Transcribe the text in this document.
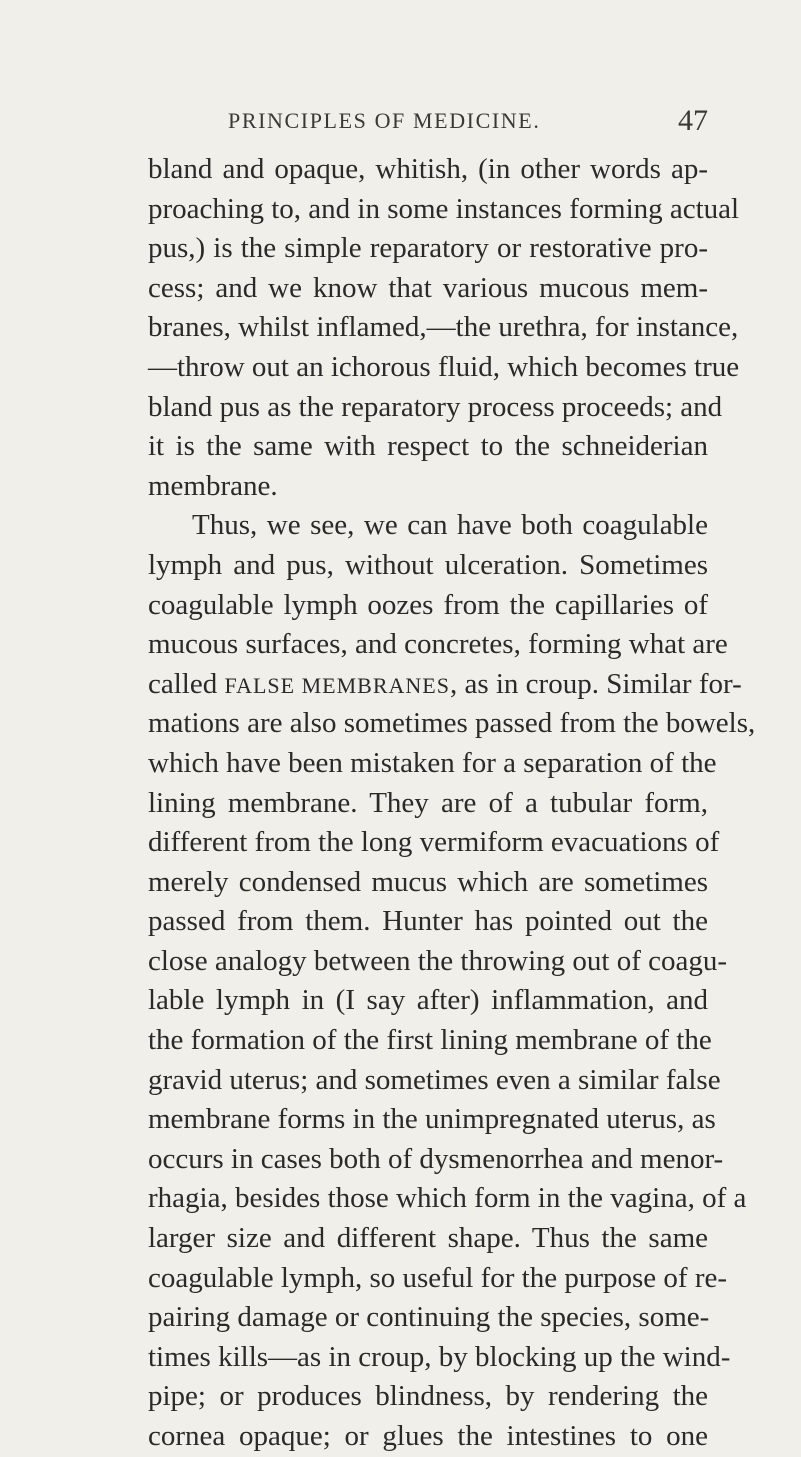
PRINCIPLES OF MEDICINE.	47
bland and opaque, whitish, (in other words ap-
proaching to, and in some instances forming actual
pus,) is the simple reparatory or restorative pro-
cess; and we know that various mucous mem-
branes, whilst inflamed,—the urethra, for instance,
—throw out an ichorous fluid, which becomes true
bland pus as the reparatory process proceeds; and
it is the same with respect to the schneiderian
membrane.
Thus, we see, we can have both coagulable
lymph and pus, without ulceration. Sometimes
coagulable lymph oozes from the capillaries of
mucous surfaces, and concretes, forming what are
called FALSE MEMBRANES, as in croup. Similar for-
mations are also sometimes passed from the bowels,
which have been mistaken for a separation of the
lining membrane. They are of a tubular form,
different from the long vermiform evacuations of
merely condensed mucus which are sometimes
passed from them. Hunter has pointed out the
close analogy between the throwing out of coagu-
lable lymph in (I say after) inflammation, and
the formation of the first lining membrane of the
gravid uterus; and sometimes even a similar false
membrane forms in the unimpregnated uterus, as
occurs in cases both of dysmenorrhea and menor-
rhagia, besides those which form in the vagina, of a
larger size and different shape. Thus the same
coagulable lymph, so useful for the purpose of re-
pairing damage or continuing the species, some-
times kills—as in croup, by blocking up the wind-
pipe; or produces blindness, by rendering the
cornea opaque; or glues the intestines to one
